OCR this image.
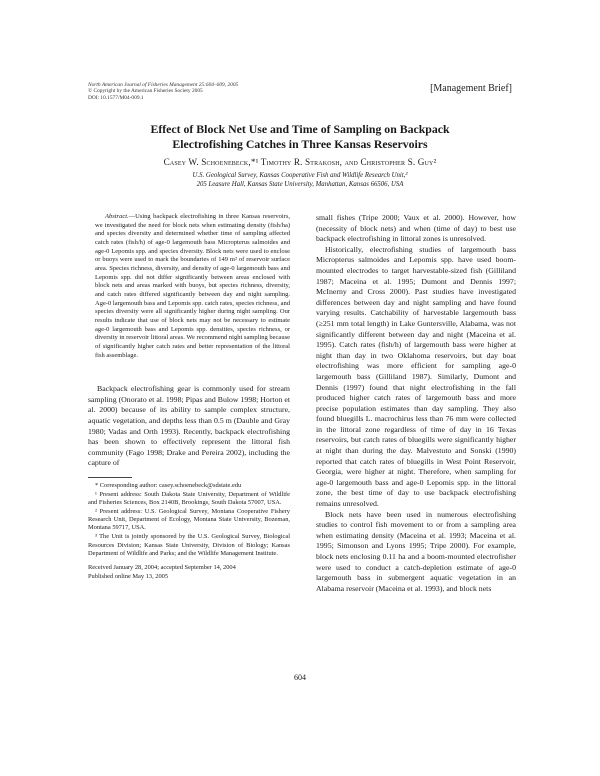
North American Journal of Fisheries Management 25:604–609, 2005
© Copyright by the American Fisheries Society 2005
DOI: 10.1577/M04-009.1
[Management Brief]
Effect of Block Net Use and Time of Sampling on Backpack
Electrofishing Catches in Three Kansas Reservoirs
Casey W. Schoenebeck,*¹ Timothy R. Strakosh, and Christopher S. Guy²
U.S. Geological Survey, Kansas Cooperative Fish and Wildlife Research Unit,³
205 Leasure Hall, Kansas State University, Manhattan, Kansas 66506, USA

Abstract.—Using backpack electrofishing in three Kansas reservoirs, we investigated the need for block nets when estimating density (fish/ha) and species diversity and determined whether time of sampling affected catch rates (fish/h) of age-0 largemouth bass Micropterus salmoides and age-0 Lepomis spp. and species diversity. Block nets were used to enclose or buoys were used to mark the boundaries of 149 m² of reservoir surface area. Species richness, diversity, and density of age-0 largemouth bass and Lepomis spp. did not differ significantly between areas enclosed with block nets and areas marked with buoys, but species richness, diversity, and catch rates differed significantly between day and night sampling. Age-0 largemouth bass and Lepomis spp. catch rates, species richness, and species diversity were all significantly higher during night sampling. Our results indicate that use of block nets may not be necessary to estimate age-0 largemouth bass and Lepomis spp. densities, species richness, or diversity in reservoir littoral areas. We recommend night sampling because of significantly higher catch rates and better representation of the littoral fish assemblage.

Backpack electrofishing gear is commonly used for stream sampling (Onorato et al. 1998; Pipas and Bulow 1998; Horton et al. 2000) because of its ability to sample complex structure, aquatic vegetation, and depths less than 0.5 m (Dauble and Gray 1980; Vadas and Orth 1993). Recently, backpack electrofishing has been shown to effectively represent the littoral fish community (Fago 1998; Drake and Pereira 2002), including the capture of

* Corresponding author: casey.schoenebeck@sdstate.edu

¹ Present address: South Dakota State University, Department of Wildlife and Fisheries Sciences, Box 2140B, Brookings, South Dakota 57007, USA.

² Present address: U.S. Geological Survey, Montana Cooperative Fishery Research Unit, Department of Ecology, Montana State University, Bozeman, Montana 59717, USA.

³ The Unit is jointly sponsored by the U.S. Geological Survey, Biological Resources Division; Kansas State University, Division of Biology; Kansas Department of Wildlife and Parks; and the Wildlife Management Institute.

Received January 28, 2004; accepted September 14, 2004

Published online May 13, 2005

small fishes (Tripe 2000; Vaux et al. 2000). However, how (necessity of block nets) and when (time of day) to best use backpack electrofishing in littoral zones is unresolved.

Historically, electrofishing studies of largemouth bass Micropterus salmoides and Lepomis spp. have used boom-mounted electrodes to target harvestable-sized fish (Gilliland 1987; Maceina et al. 1995; Dumont and Dennis 1997; McInerny and Cross 2000). Past studies have investigated differences between day and night sampling and have found varying results. Catchability of harvestable largemouth bass (≥251 mm total length) in Lake Guntersville, Alabama, was not significantly different between day and night (Maceina et al. 1995). Catch rates (fish/h) of largemouth bass were higher at night than day in two Oklahoma reservoirs, but day boat electrofishing was more efficient for sampling age-0 largemouth bass (Gilliland 1987). Similarly, Dumont and Dennis (1997) found that night electrofishing in the fall produced higher catch rates of largemouth bass and more precise population estimates than day sampling. They also found bluegills L. macrochirus less than 76 mm were collected in the littoral zone regardless of time of day in 16 Texas reservoirs, but catch rates of bluegills were significantly higher at night than during the day. Malvestuto and Sonski (1990) reported that catch rates of bluegills in West Point Reservoir, Georgia, were higher at night. Therefore, when sampling for age-0 largemouth bass and age-0 Lepomis spp. in the littoral zone, the best time of day to use backpack electrofishing remains unresolved.

Block nets have been used in numerous electrofishing studies to control fish movement to or from a sampling area when estimating density (Maceina et al. 1993; Maceina et al. 1995; Simonson and Lyons 1995; Tripe 2000). For example, block nets enclosing 0.11 ha and a boom-mounted electrofisher were used to conduct a catch-depletion estimate of age-0 largemouth bass in submergent aquatic vegetation in an Alabama reservoir (Maceina et al. 1993), and block nets

604
